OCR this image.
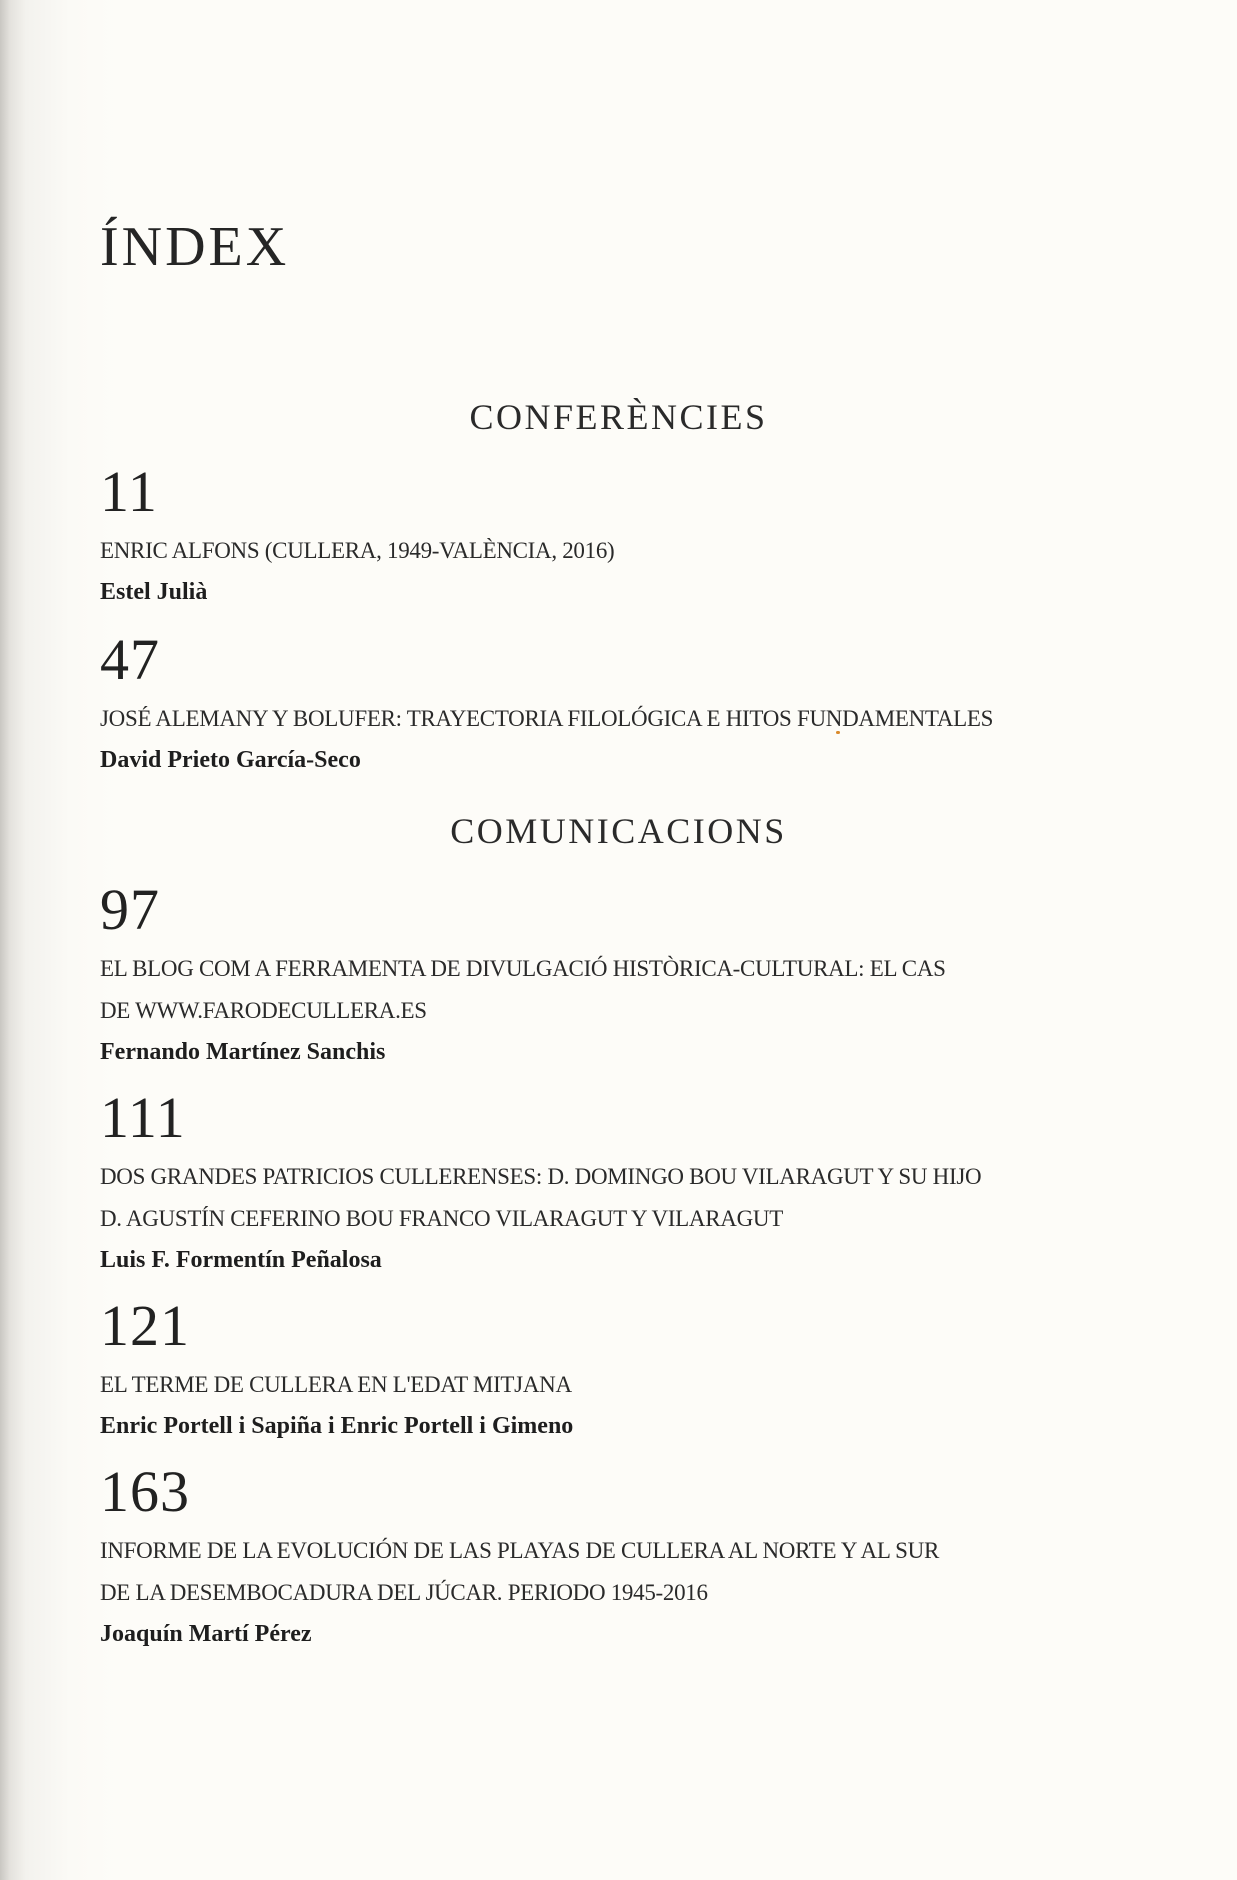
ÍNDEX
CONFERÈNCIES
11
ENRIC ALFONS (CULLERA, 1949-VALÈNCIA, 2016)
Estel Julià
47
JOSÉ ALEMANY Y BOLUFER: TRAYECTORIA FILOLÓGICA E HITOS FUNDAMENTALES
David Prieto García-Seco
COMUNICACIONS
97
EL BLOG COM A FERRAMENTA DE DIVULGACIÓ HISTÒRICA-CULTURAL: EL CAS
DE WWW.FARODECULLERA.ES
Fernando Martínez Sanchis
111
DOS GRANDES PATRICIOS CULLERENSES: D. DOMINGO BOU VILARAGUT Y SU HIJO
D. AGUSTÍN CEFERINO BOU FRANCO VILARAGUT Y VILARAGUT
Luis F. Formentín Peñalosa
121
EL TERME DE CULLERA EN L'EDAT MITJANA
Enric Portell i Sapiña i Enric Portell i Gimeno
163
INFORME DE LA EVOLUCIÓN DE LAS PLAYAS DE CULLERA AL NORTE Y AL SUR
DE LA DESEMBOCADURA DEL JÚCAR. PERIODO 1945-2016
Joaquín Martí Pérez
